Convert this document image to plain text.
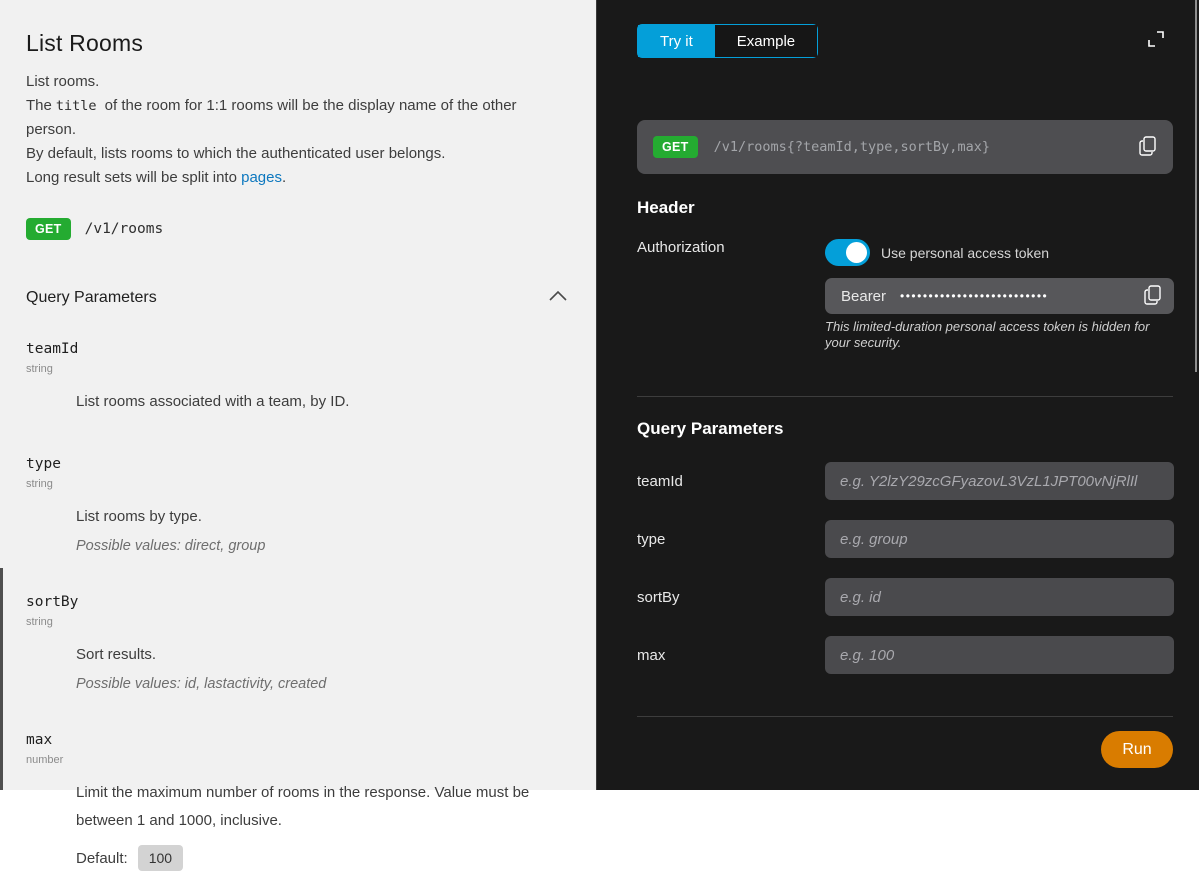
List Rooms
List rooms.
The title of the room for 1:1 rooms will be the display name of the other person.
By default, lists rooms to which the authenticated user belongs.
Long result sets will be split into pages.
GET	/v1/rooms
Query Parameters
teamId
string
List rooms associated with a team, by ID.
type
string
List rooms by type.
Possible values: direct, group
sortBy
string
Sort results.
Possible values: id, lastactivity, created
max
number
Limit the maximum number of rooms in the response. Value must be between 1 and 1000, inclusive.
Default:	100
Try it	Example
GET	/v1/rooms{?teamId,type,sortBy,max}
Header
Authorization	Use personal access token
Bearer ••••••••••••••••••••••••••

This limited-duration personal access token is hidden for your security.

Query Parameters
teamId
e.g. Y2lzY29zcGFyazovL3VzL1JPT00vNjRlIl
type
e.g. group
sortBy
e.g. id
max
e.g. 100
Run
